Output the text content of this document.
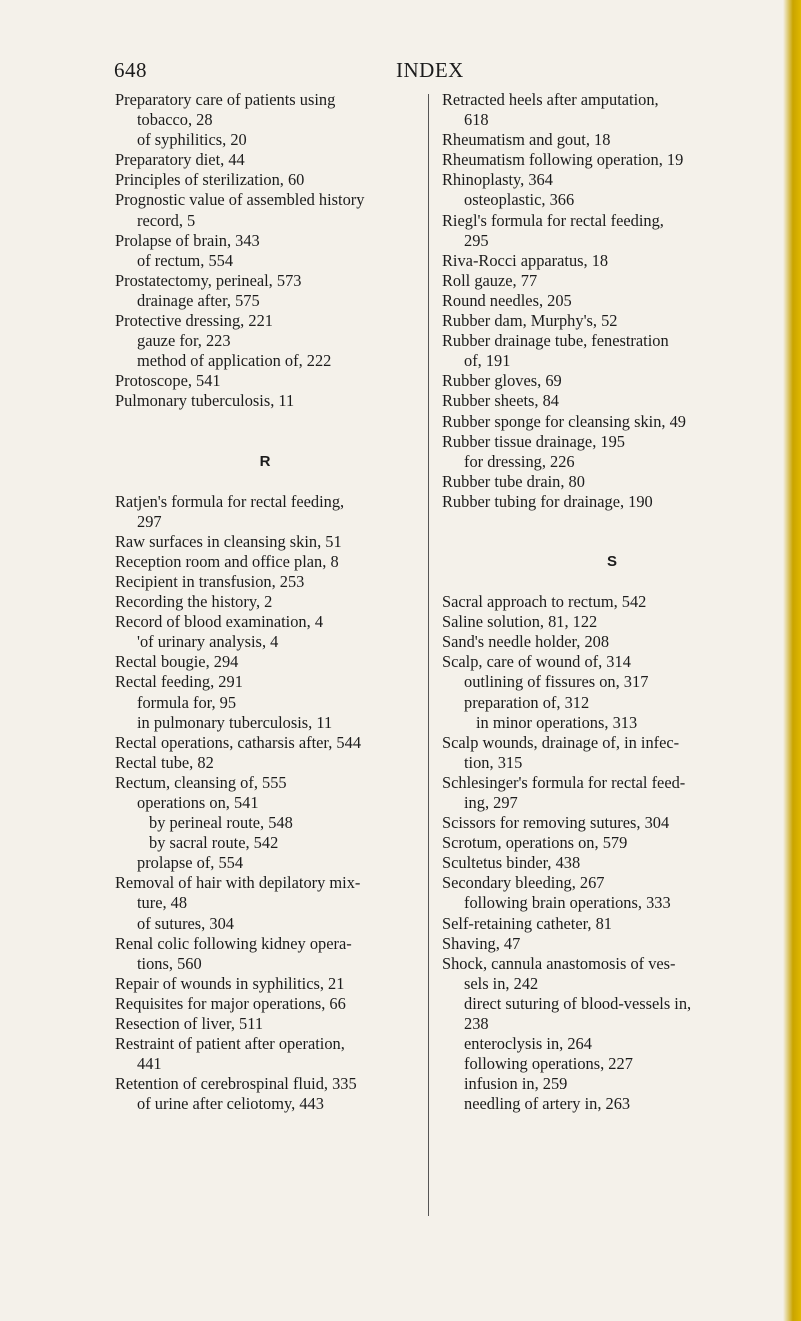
648	INDEX
Preparatory care of patients using
tobacco, 28
of syphilitics, 20
Preparatory diet, 44
Principles of sterilization, 60
Prognostic value of assembled history
record, 5
Prolapse of brain, 343
of rectum, 554
Prostatectomy, perineal, 573
drainage after, 575
Protective dressing, 221
gauze for, 223
method of application of, 222
Protoscope, 541
Pulmonary tuberculosis, 11
R
Ratjen's formula for rectal feeding,
297
Raw surfaces in cleansing skin, 51
Reception room and office plan, 8
Recipient in transfusion, 253
Recording the history, 2
Record of blood examination, 4
'of urinary analysis, 4
Rectal bougie, 294
Rectal feeding, 291
formula for, 95
in pulmonary tuberculosis, 11
Rectal operations, catharsis after, 544
Rectal tube, 82
Rectum, cleansing of, 555
operations on, 541
by perineal route, 548
by sacral route, 542
prolapse of, 554
Removal of hair with depilatory mix-
ture, 48
of sutures, 304
Renal colic following kidney opera-
tions, 560
Repair of wounds in syphilitics, 21
Requisites for major operations, 66
Resection of liver, 511
Restraint of patient after operation,
441
Retention of cerebrospinal fluid, 335
of urine after celiotomy, 443
Retracted heels after amputation,
618
Rheumatism and gout, 18
Rheumatism following operation, 19
Rhinoplasty, 364
osteoplastic, 366
Riegl's formula for rectal feeding,
295
Riva-Rocci apparatus, 18
Roll gauze, 77
Round needles, 205
Rubber dam, Murphy's, 52
Rubber drainage tube, fenestration
of, 191
Rubber gloves, 69
Rubber sheets, 84
Rubber sponge for cleansing skin, 49
Rubber tissue drainage, 195
for dressing, 226
Rubber tube drain, 80
Rubber tubing for drainage, 190
S
Sacral approach to rectum, 542
Saline solution, 81, 122
Sand's needle holder, 208
Scalp, care of wound of, 314
outlining of fissures on, 317
preparation of, 312
in minor operations, 313
Scalp wounds, drainage of, in infec-
tion, 315
Schlesinger's formula for rectal feed-
ing, 297
Scissors for removing sutures, 304
Scrotum, operations on, 579
Scultetus binder, 438
Secondary bleeding, 267
following brain operations, 333
Self-retaining catheter, 81
Shaving, 47
Shock, cannula anastomosis of ves-
sels in, 242
direct suturing of blood-vessels in,
238
enteroclysis in, 264
following operations, 227
infusion in, 259
needling of artery in, 263
